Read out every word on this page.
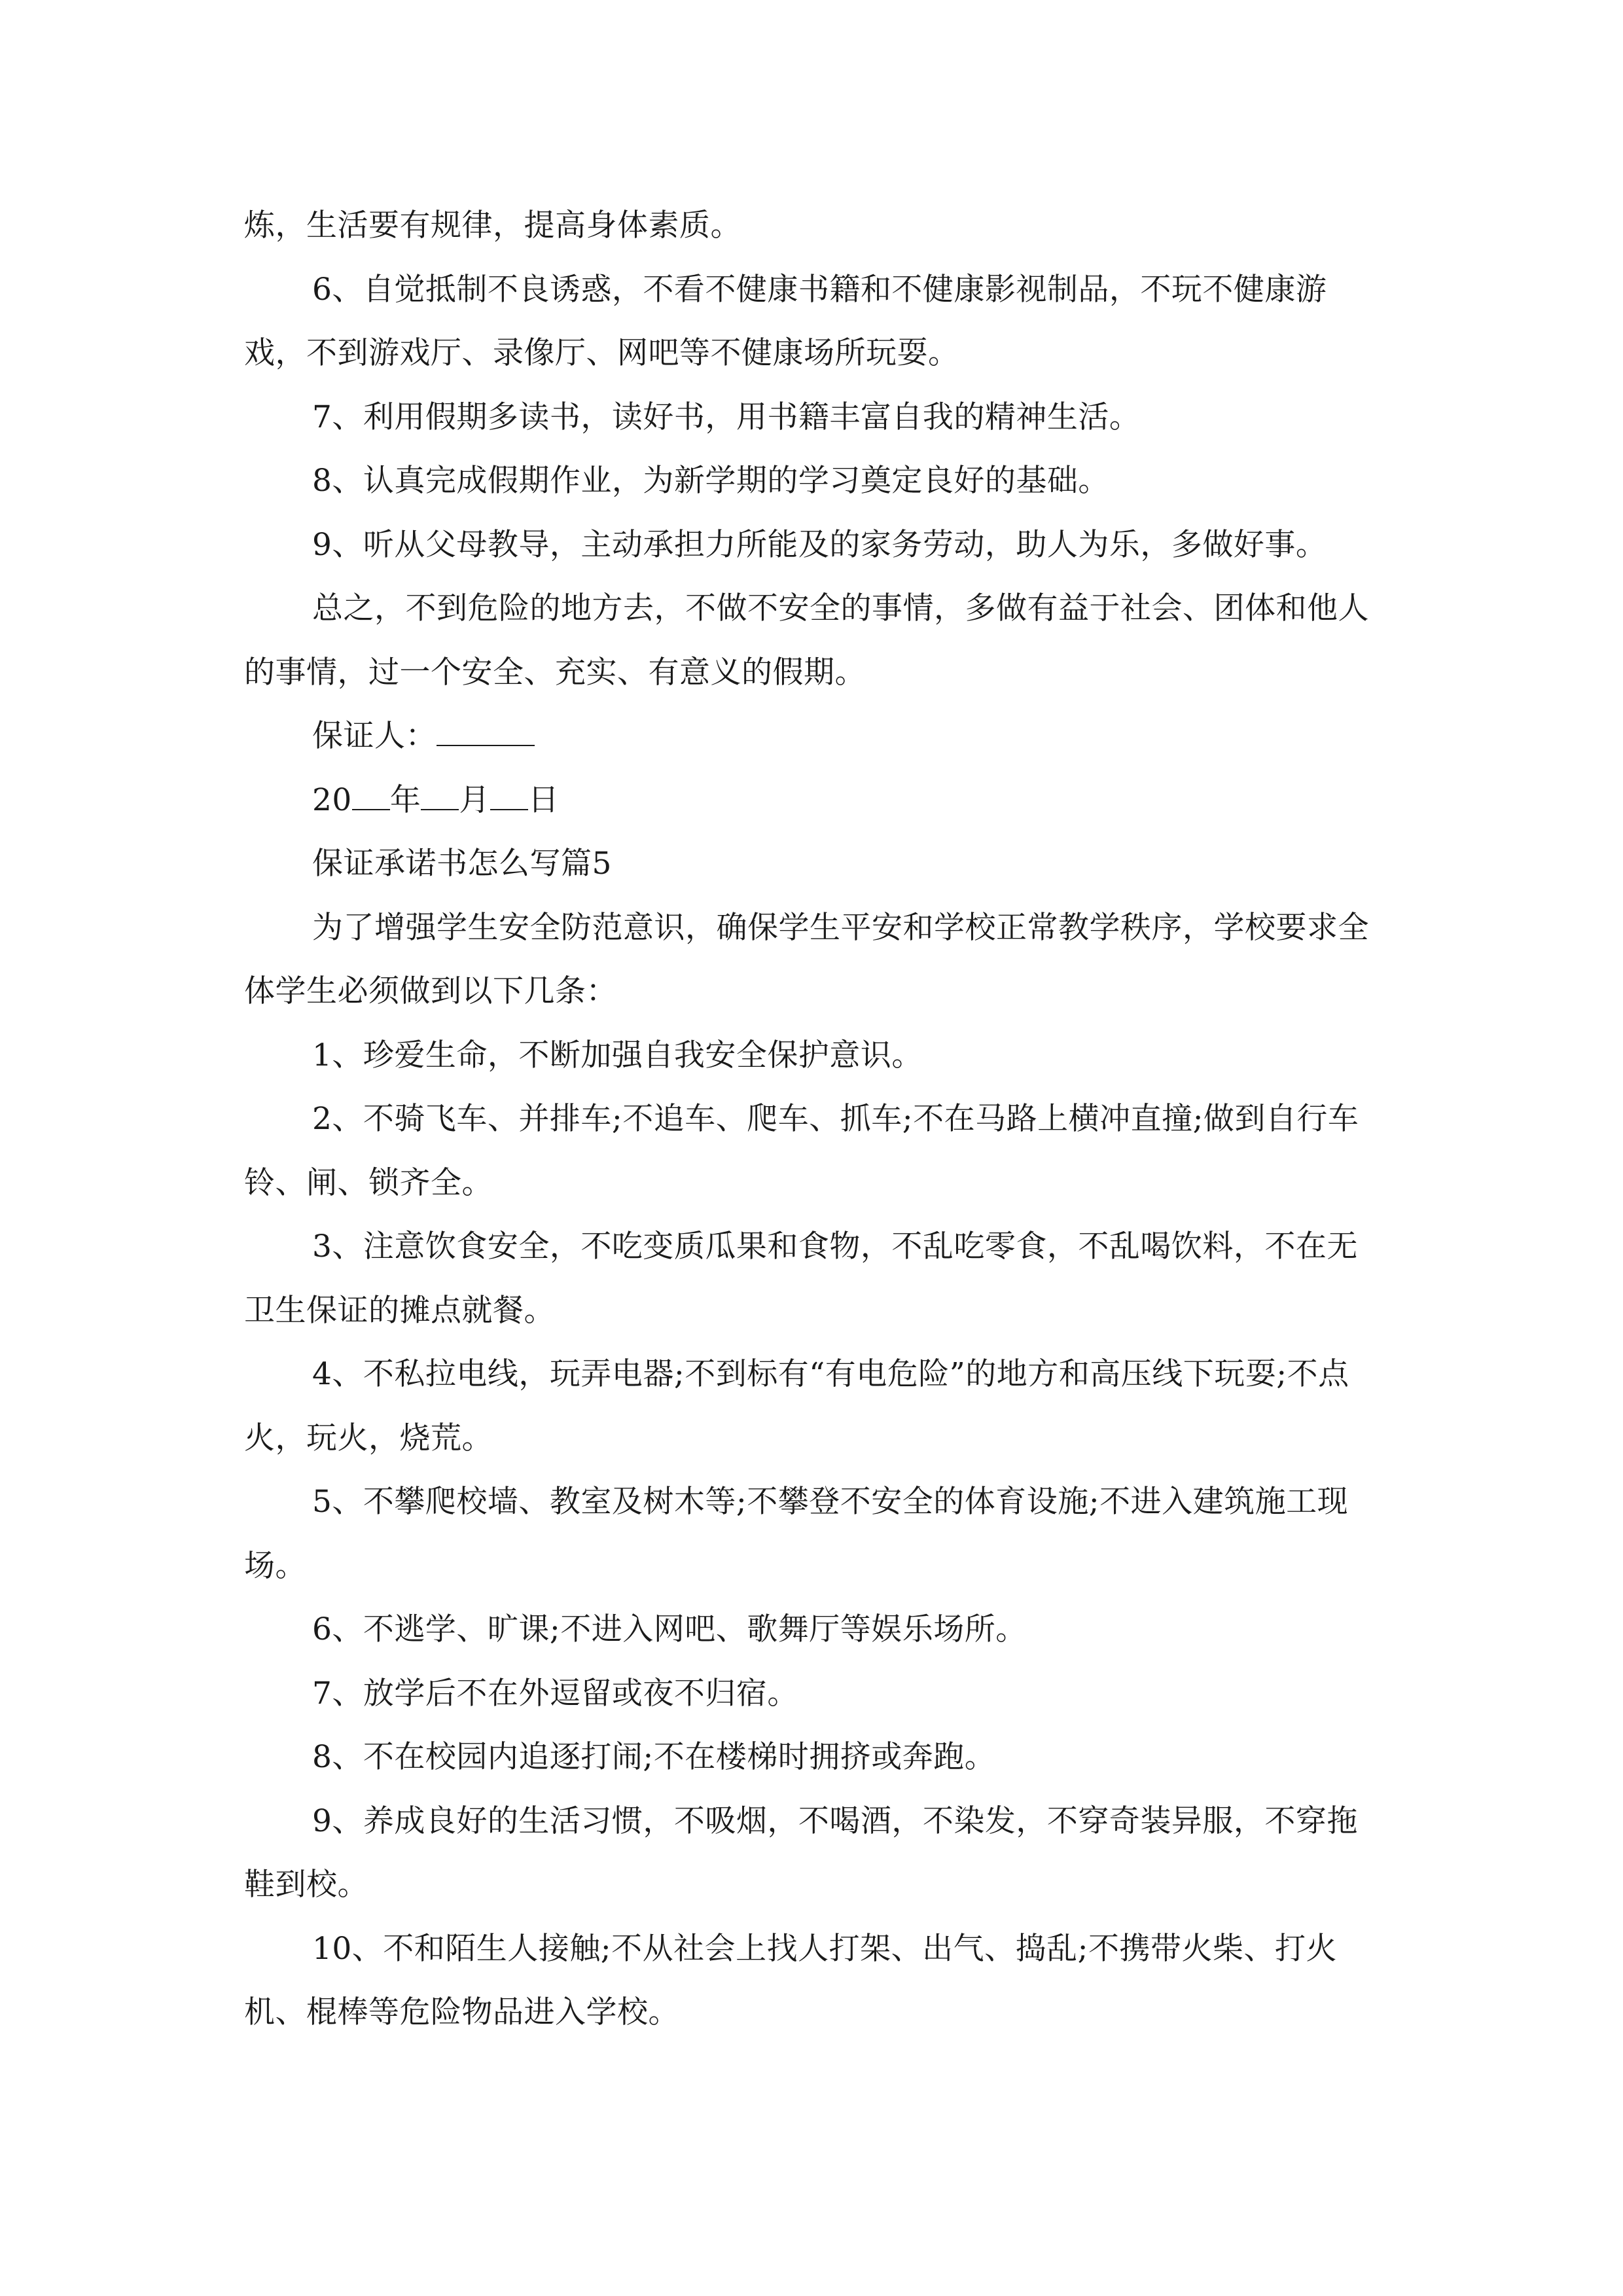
炼，生活要有规律，提高身体素质。

6、自觉抵制不良诱惑，不看不健康书籍和不健康影视制品，不玩不健康游戏，不到游戏厅、录像厅、网吧等不健康场所玩耍。

7、利用假期多读书，读好书，用书籍丰富自我的精神生活。

8、认真完成假期作业，为新学期的学习奠定良好的基础。

9、听从父母教导，主动承担力所能及的家务劳动，助人为乐，多做好事。

总之，不到危险的地方去，不做不安全的事情，多做有益于社会、团体和他人的事情，过一个安全、充实、有意义的假期。

保证人：

20 年 月 日

保证承诺书怎么写篇5

为了增强学生安全防范意识，确保学生平安和学校正常教学秩序，学校要求全体学生必须做到以下几条：

1、珍爱生命，不断加强自我安全保护意识。

2、不骑飞车、并排车;不追车、爬车、抓车;不在马路上横冲直撞;做到自行车铃、闸、锁齐全。

3、注意饮食安全，不吃变质瓜果和食物，不乱吃零食，不乱喝饮料，不在无卫生保证的摊点就餐。

4、不私拉电线，玩弄电器;不到标有“有电危险”的地方和高压线下玩耍;不点火，玩火，烧荒。

5、不攀爬校墙、教室及树木等;不攀登不安全的体育设施;不进入建筑施工现场。

6、不逃学、旷课;不进入网吧、歌舞厅等娱乐场所。

7、放学后不在外逗留或夜不归宿。

8、不在校园内追逐打闹;不在楼梯时拥挤或奔跑。

9、养成良好的生活习惯，不吸烟，不喝酒，不染发，不穿奇装异服，不穿拖鞋到校。

10、不和陌生人接触;不从社会上找人打架、出气、捣乱;不携带火柴、打火机、棍棒等危险物品进入学校。
